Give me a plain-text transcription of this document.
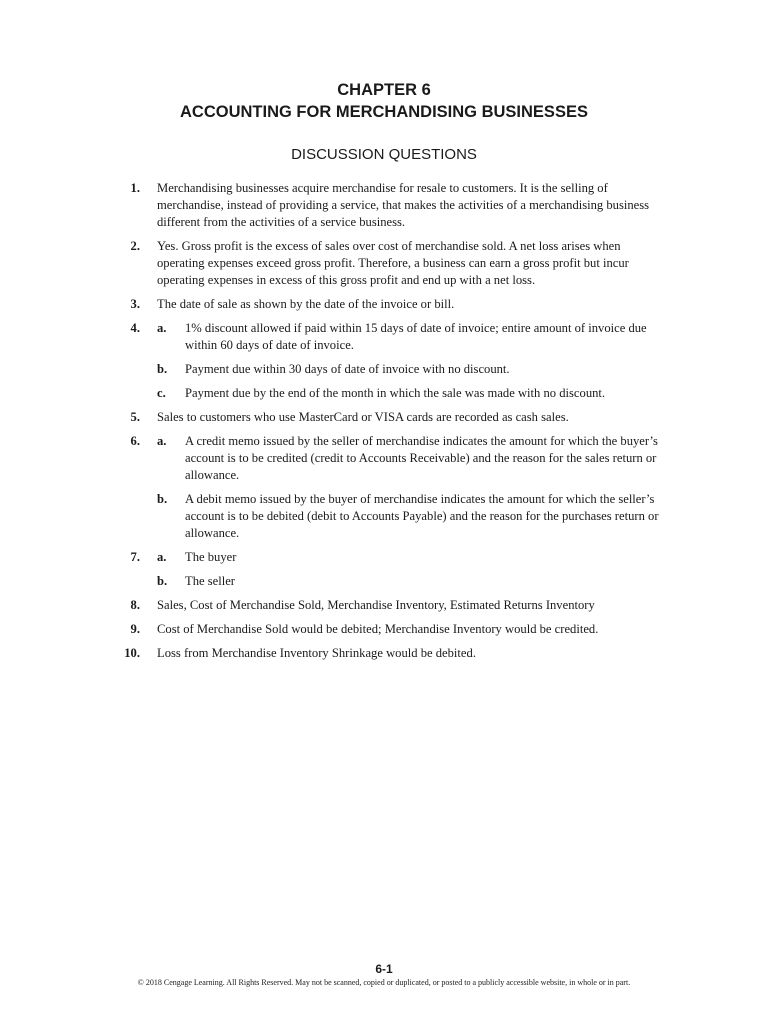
CHAPTER 6
ACCOUNTING FOR MERCHANDISING BUSINESSES
DISCUSSION QUESTIONS
1. Merchandising businesses acquire merchandise for resale to customers. It is the selling of merchandise, instead of providing a service, that makes the activities of a merchandising business different from the activities of a service business.
2. Yes. Gross profit is the excess of sales over cost of merchandise sold. A net loss arises when operating expenses exceed gross profit. Therefore, a business can earn a gross profit but incur operating expenses in excess of this gross profit and end up with a net loss.
3. The date of sale as shown by the date of the invoice or bill.
4. a.	1% discount allowed if paid within 15 days of date of invoice; entire amount of invoice due within 60 days of date of invoice.
b.	Payment due within 30 days of date of invoice with no discount.
c.	Payment due by the end of the month in which the sale was made with no discount.
5. Sales to customers who use MasterCard or VISA cards are recorded as cash sales.
6. a.	A credit memo issued by the seller of merchandise indicates the amount for which the buyer’s account is to be credited (credit to Accounts Receivable) and the reason for the sales return or allowance.
b.	A debit memo issued by the buyer of merchandise indicates the amount for which the seller’s account is to be debited (debit to Accounts Payable) and the reason for the purchases return or allowance.
7. a.	The buyer
b.	The seller
8. Sales, Cost of Merchandise Sold, Merchandise Inventory, Estimated Returns Inventory
9. Cost of Merchandise Sold would be debited; Merchandise Inventory would be credited.
10. Loss from Merchandise Inventory Shrinkage would be debited.
6-1
© 2018 Cengage Learning. All Rights Reserved. May not be scanned, copied or duplicated, or posted to a publicly accessible website, in whole or in part.
